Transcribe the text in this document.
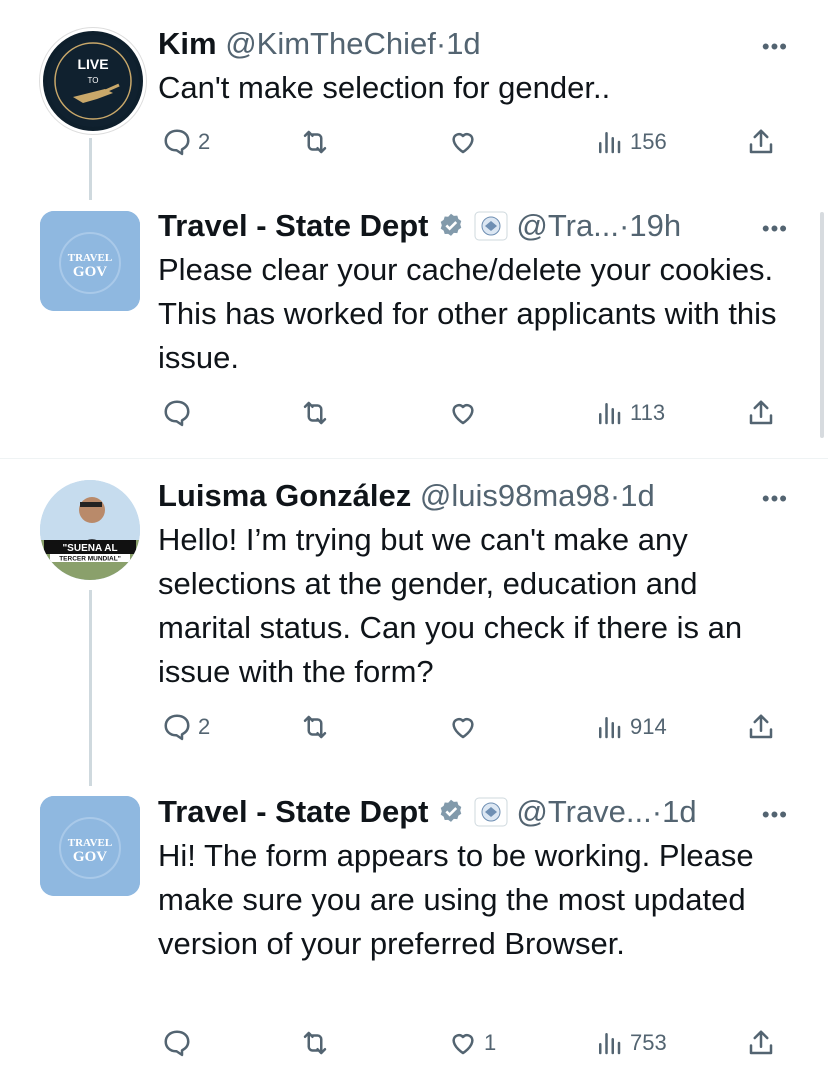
LIVE
TO
Kim @KimTheChief·1d	•••
Can't make selection for gender..
2	156
TRAVEL
GOV
Travel - State Dept	@Tra...·19h	•••
Please clear your cache/delete your cookies. This has worked for other applicants with this issue.
113
"SUENA AL
TERCER MUNDIAL"
Luisma González @luis98ma98·1d	•••
Hello! I’m trying but we can't make any selections at the gender, education and marital status. Can you check if there is an issue with the form?
2	914
TRAVEL
GOV
Travel - State Dept	@Trave...·1d	•••
Hi! The form appears to be working. Please make sure you are using the most updated version of your preferred Browser.
1	753
